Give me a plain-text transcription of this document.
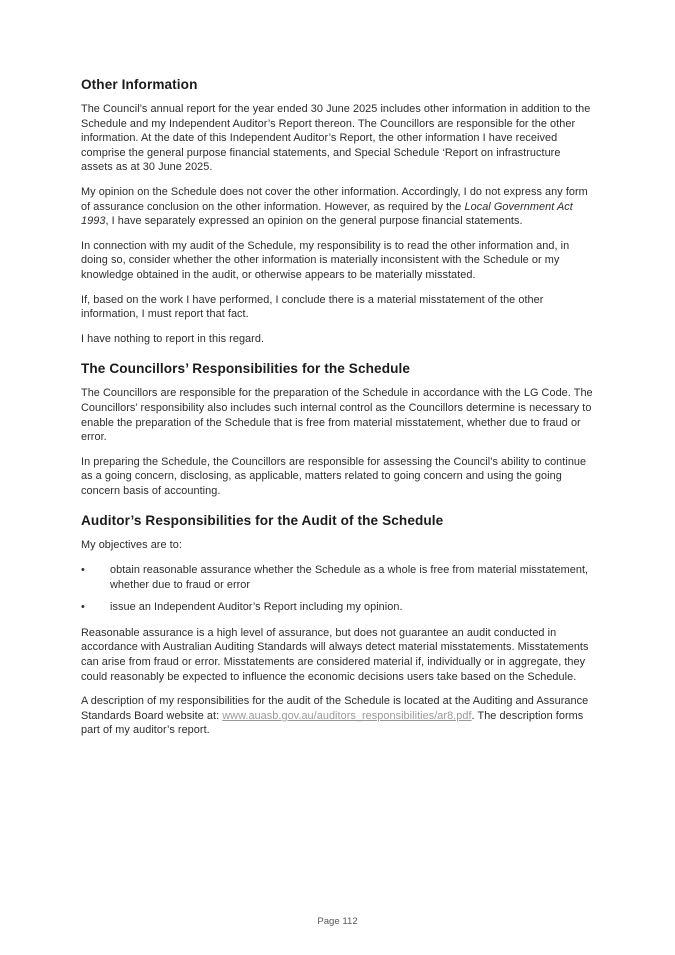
Other Information

The Council’s annual report for the year ended 30 June 2025 includes other information in addition to the Schedule and my Independent Auditor’s Report thereon. The Councillors are responsible for the other information. At the date of this Independent Auditor’s Report, the other information I have received comprise the general purpose financial statements, and Special Schedule ‘Report on infrastructure assets as at 30 June 2025.

My opinion on the Schedule does not cover the other information. Accordingly, I do not express any form of assurance conclusion on the other information. However, as required by the Local Government Act 1993, I have separately expressed an opinion on the general purpose financial statements.

In connection with my audit of the Schedule, my responsibility is to read the other information and, in doing so, consider whether the other information is materially inconsistent with the Schedule or my knowledge obtained in the audit, or otherwise appears to be materially misstated.

If, based on the work I have performed, I conclude there is a material misstatement of the other information, I must report that fact.

I have nothing to report in this regard.

The Councillors’ Responsibilities for the Schedule

The Councillors are responsible for the preparation of the Schedule in accordance with the LG Code. The Councillors’ responsibility also includes such internal control as the Councillors determine is necessary to enable the preparation of the Schedule that is free from material misstatement, whether due to fraud or error.

In preparing the Schedule, the Councillors are responsible for assessing the Council’s ability to continue as a going concern, disclosing, as applicable, matters related to going concern and using the going concern basis of accounting.

Auditor’s Responsibilities for the Audit of the Schedule

My objectives are to:

•	obtain reasonable assurance whether the Schedule as a whole is free from material misstatement, whether due to fraud or error
•	issue an Independent Auditor’s Report including my opinion.

Reasonable assurance is a high level of assurance, but does not guarantee an audit conducted in accordance with Australian Auditing Standards will always detect material misstatements. Misstatements can arise from fraud or error. Misstatements are considered material if, individually or in aggregate, they could reasonably be expected to influence the economic decisions users take based on the Schedule.

A description of my responsibilities for the audit of the Schedule is located at the Auditing and Assurance Standards Board website at: www.auasb.gov.au/auditors_responsibilities/ar8.pdf. The description forms part of my auditor’s report.

Page 112
